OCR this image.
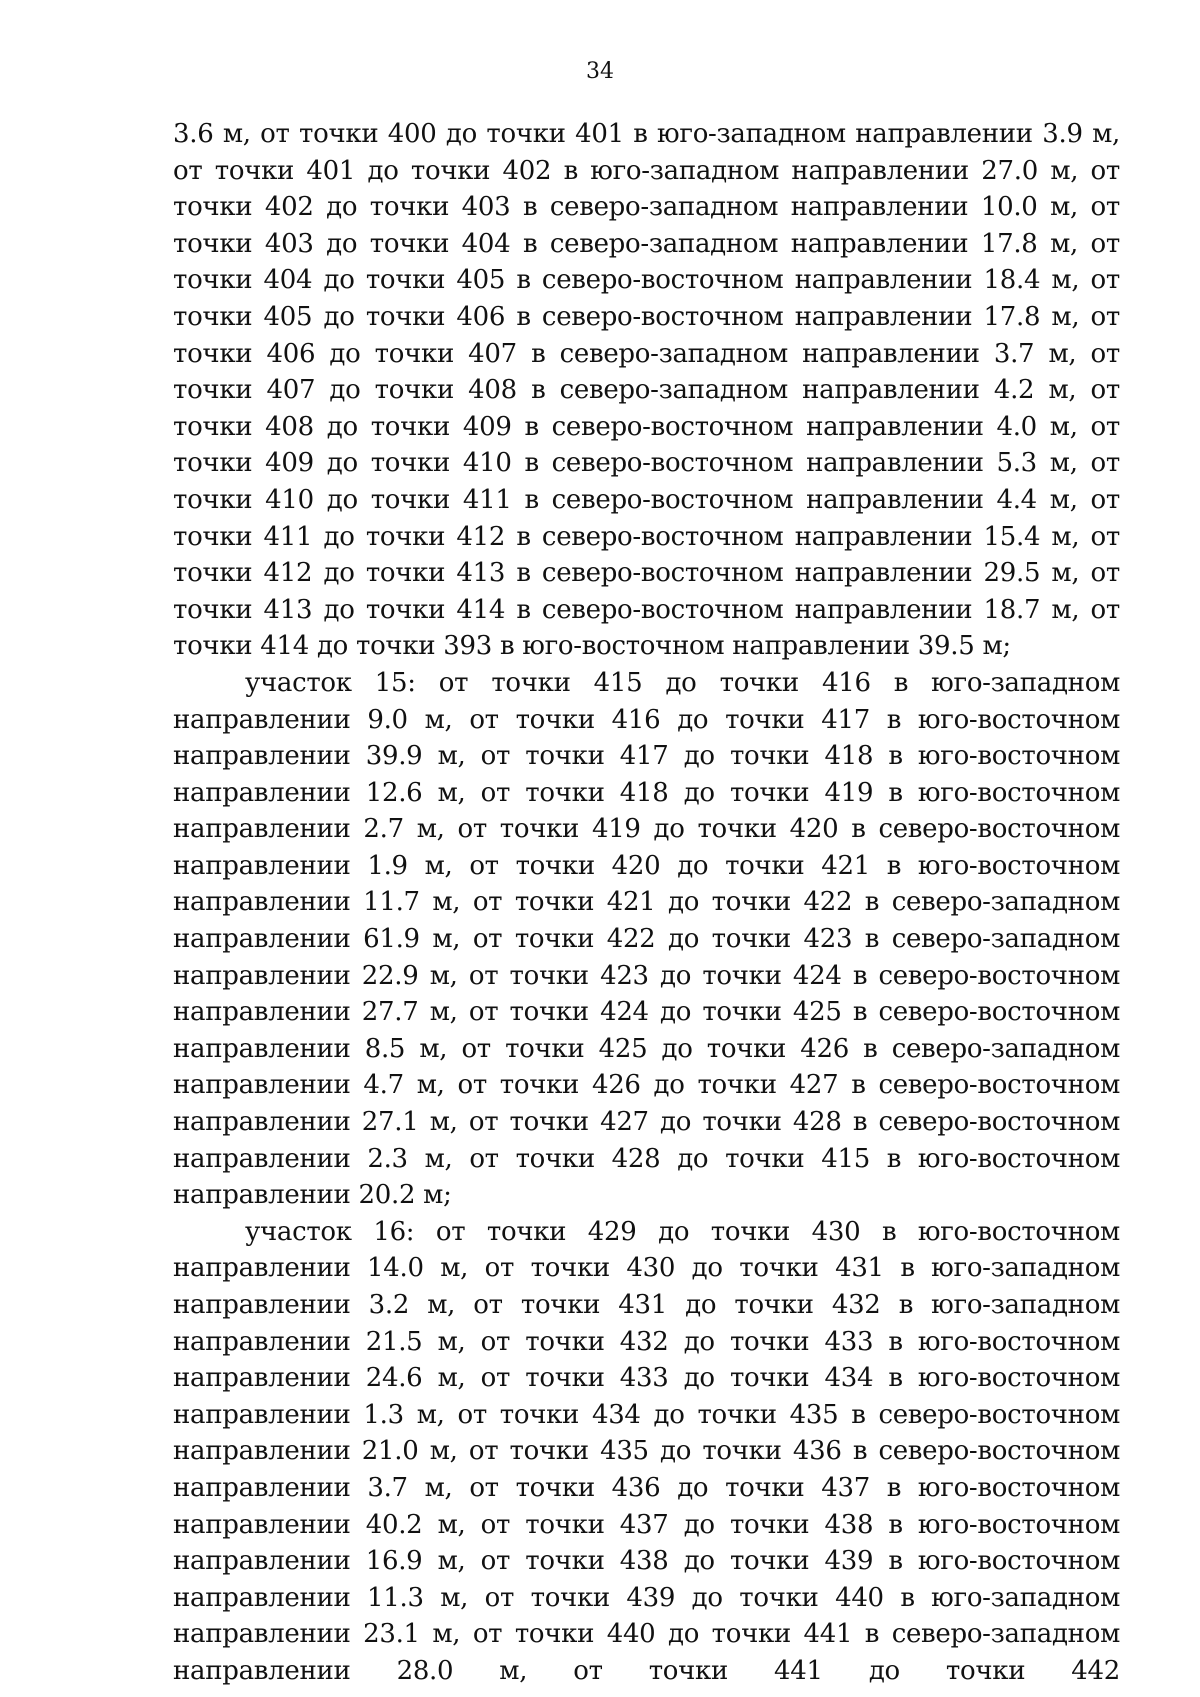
34

3.6 м, от точки 400 до точки 401 в юго-западном направлении 3.9 м, от точки 401 до точки 402 в юго-западном направлении 27.0 м, от точки 402 до точки 403 в северо-западном направлении 10.0 м, от точки 403 до точки 404 в северо-западном направлении 17.8 м, от точки 404 до точки 405 в северо-восточном направлении 18.4 м, от точки 405 до точки 406 в северо-восточном направлении 17.8 м, от точки 406 до точки 407 в северо-западном направлении 3.7 м, от точки 407 до точки 408 в северо-западном направлении 4.2 м, от точки 408 до точки 409 в северо-восточном направлении 4.0 м, от точки 409 до точки 410 в северо-восточном направлении 5.3 м, от точки 410 до точки 411 в северо-восточном направлении 4.4 м, от точки 411 до точки 412 в северо-восточном направлении 15.4 м, от точки 412 до точки 413 в северо-восточном направлении 29.5 м, от точки 413 до точки 414 в северо-восточном направлении 18.7 м, от точки 414 до точки 393 в юго-восточном направлении 39.5 м;

участок 15: от точки 415 до точки 416 в юго-западном направлении 9.0 м, от точки 416 до точки 417 в юго-восточном направлении 39.9 м, от точки 417 до точки 418 в юго-восточном направлении 12.6 м, от точки 418 до точки 419 в юго-восточном направлении 2.7 м, от точки 419 до точки 420 в северо-восточном направлении 1.9 м, от точки 420 до точки 421 в юго-восточном направлении 11.7 м, от точки 421 до точки 422 в северо-западном направлении 61.9 м, от точки 422 до точки 423 в северо-западном направлении 22.9 м, от точки 423 до точки 424 в северо-восточном направлении 27.7 м, от точки 424 до точки 425 в северо-восточном направлении 8.5 м, от точки 425 до точки 426 в северо-западном направлении 4.7 м, от точки 426 до точки 427 в северо-восточном направлении 27.1 м, от точки 427 до точки 428 в северо-восточном направлении 2.3 м, от точки 428 до точки 415 в юго-восточном направлении 20.2 м;

участок 16: от точки 429 до точки 430 в юго-восточном направлении 14.0 м, от точки 430 до точки 431 в юго-западном направлении 3.2 м, от точки 431 до точки 432 в юго-западном направлении 21.5 м, от точки 432 до точки 433 в юго-восточном направлении 24.6 м, от точки 433 до точки 434 в юго-восточном направлении 1.3 м, от точки 434 до точки 435 в северо-восточном направлении 21.0 м, от точки 435 до точки 436 в северо-восточном направлении 3.7 м, от точки 436 до точки 437 в юго-восточном направлении 40.2 м, от точки 437 до точки 438 в юго-восточном направлении 16.9 м, от точки 438 до точки 439 в юго-восточном направлении 11.3 м, от точки 439 до точки 440 в юго-западном направлении 23.1 м, от точки 440 до точки 441 в северо-западном направлении 28.0 м, от точки 441 до точки 442
